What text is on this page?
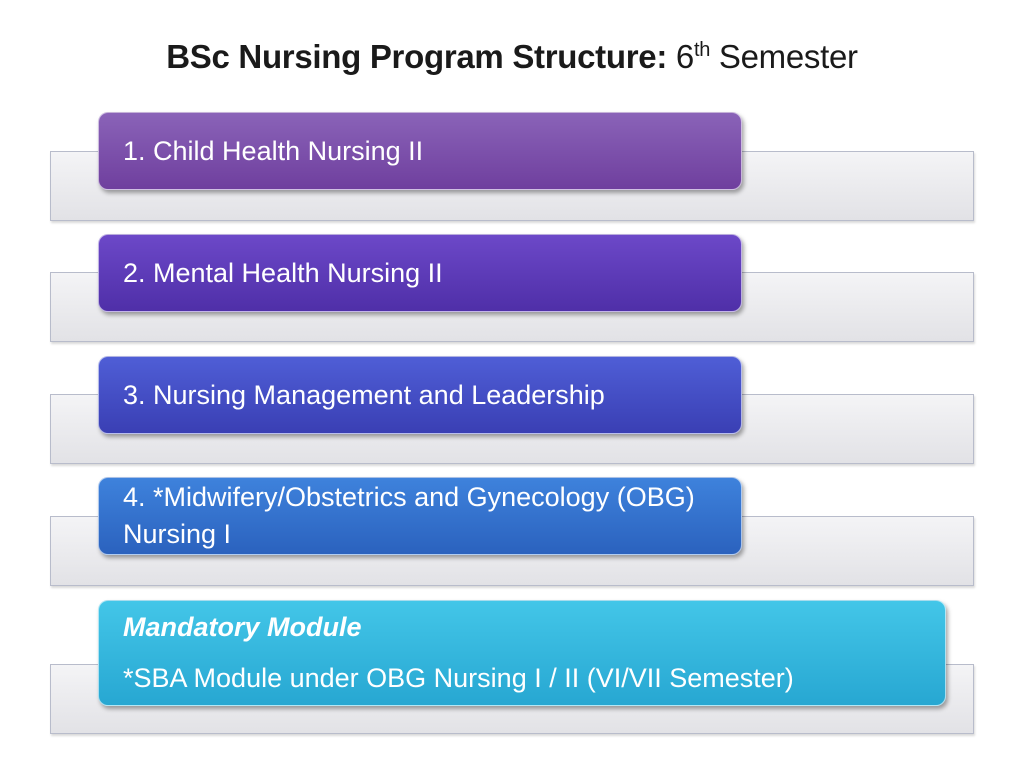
BSc Nursing Program Structure: 6th Semester
1. Child Health Nursing II
2. Mental Health Nursing II
3. Nursing Management and Leadership
4. *Midwifery/Obstetrics and Gynecology (OBG) Nursing I
Mandatory Module
*SBA Module under OBG Nursing I / II (VI/VII Semester)
